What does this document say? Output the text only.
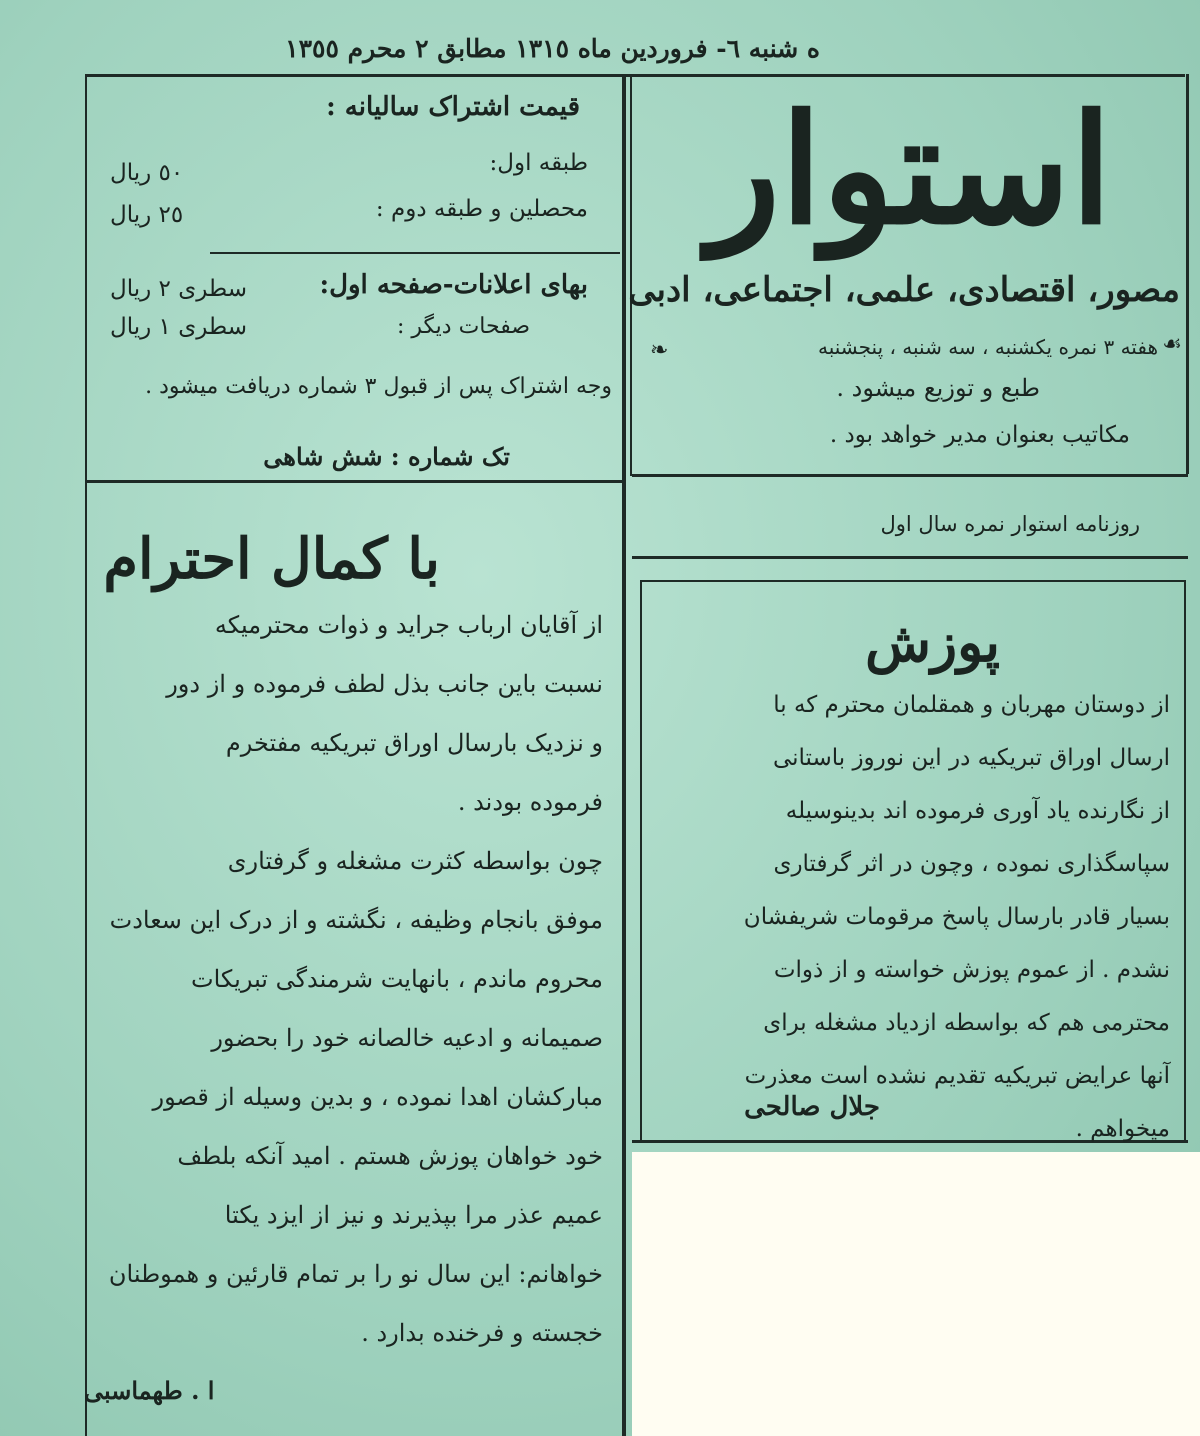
ه شنبه ٦- فروردین ماه ١٣١٥ مطابق ٢ محرم ١٣٥٥
استوار
مصور، اقتصادی، علمی، اجتماعی، ادبی
❧	☙
هفته ٣ نمره یکشنبه ، سه شنبه ، پنجشنبه
طبع و توزیع میشود .
مکاتیب بعنوان مدیر خواهد بود .
قیمت اشتراک سالیانه :
طبقه اول:
٥٠ ریال
محصلین و طبقه دوم :
٢٥ ریال
بهای اعلانات-صفحه اول:
سطری ٢ ریال
صفحات دیگر :
سطری ١ ریال
وجه اشتراک پس از قبول ٣ شماره دریافت میشود .
تک شماره : شش شاهی
روزنامه استوار نمره سال اول
با کمال احترام

از آقایان ارباب جراید و ذوات محترمیکه

نسبت باین جانب بذل لطف فرموده و از دور

و نزدیک بارسال اوراق تبریکیه مفتخرم

فرموده بودند .

چون بواسطه کثرت مشغله و گرفتاری

موفق بانجام وظیفه ، نگشته و از درک این سعادت

محروم ماندم ، بانهایت شرمندگی تبریکات

صمیمانه و ادعیه خالصانه خود را بحضور

مبارکشان اهدا نموده ، و بدین وسیله از قصور

خود خواهان پوزش هستم . امید آنکه بلطف

عمیم عذر مرا بپذیرند و نیز از ایزد یکتا

خواهانم: این سال نو را بر تمام قارئین و هموطنان

خجسته و فرخنده بدارد .

ا . طهماسبی
پوزش

از دوستان مهربان و همقلمان محترم که با

ارسال اوراق تبریکیه در این نوروز باستانی

از نگارنده یاد آوری فرموده اند بدینوسیله

سپاسگذاری نموده ، وچون در اثر گرفتاری

بسیار قادر بارسال پاسخ مرقومات شریفشان

نشدم . از عموم پوزش خواسته و از ذوات

محترمی هم که بواسطه ازدیاد مشغله برای

آنها عرایض تبریکیه تقدیم نشده است معذرت

میخواهم .

جلال صالحی
